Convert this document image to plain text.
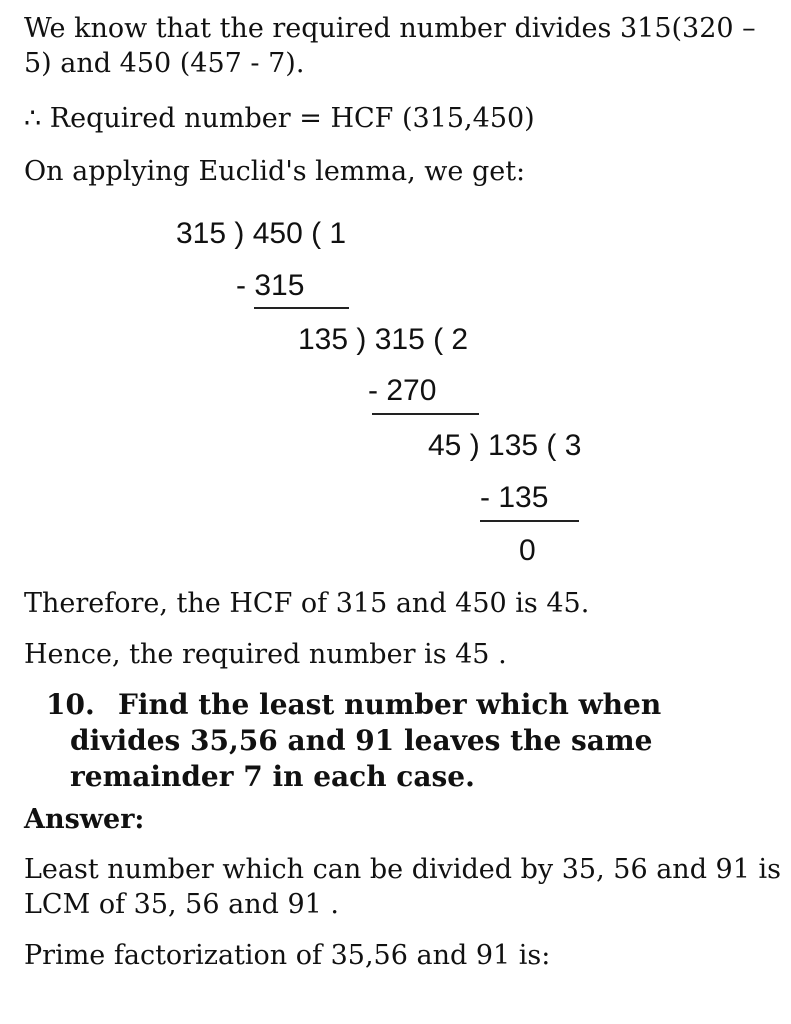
We know that the required number divides 315(320 –
5) and 450 (457 - 7).
∴ Required number = HCF (315,450)
On applying Euclid's lemma, we get:
315 ) 450 ( 1
- 315
135 ) 315 ( 2
- 270
45 ) 135 ( 3
- 135
0
Therefore, the HCF of 315 and 450 is 45.
Hence, the required number is 45 .
10. Find the least number which when
divides 35,56 and 91 leaves the same
remainder 7 in each case.
Answer:
Least number which can be divided by 35, 56 and 91 is
LCM of 35, 56 and 91 .
Prime factorization of 35,56 and 91 is:
